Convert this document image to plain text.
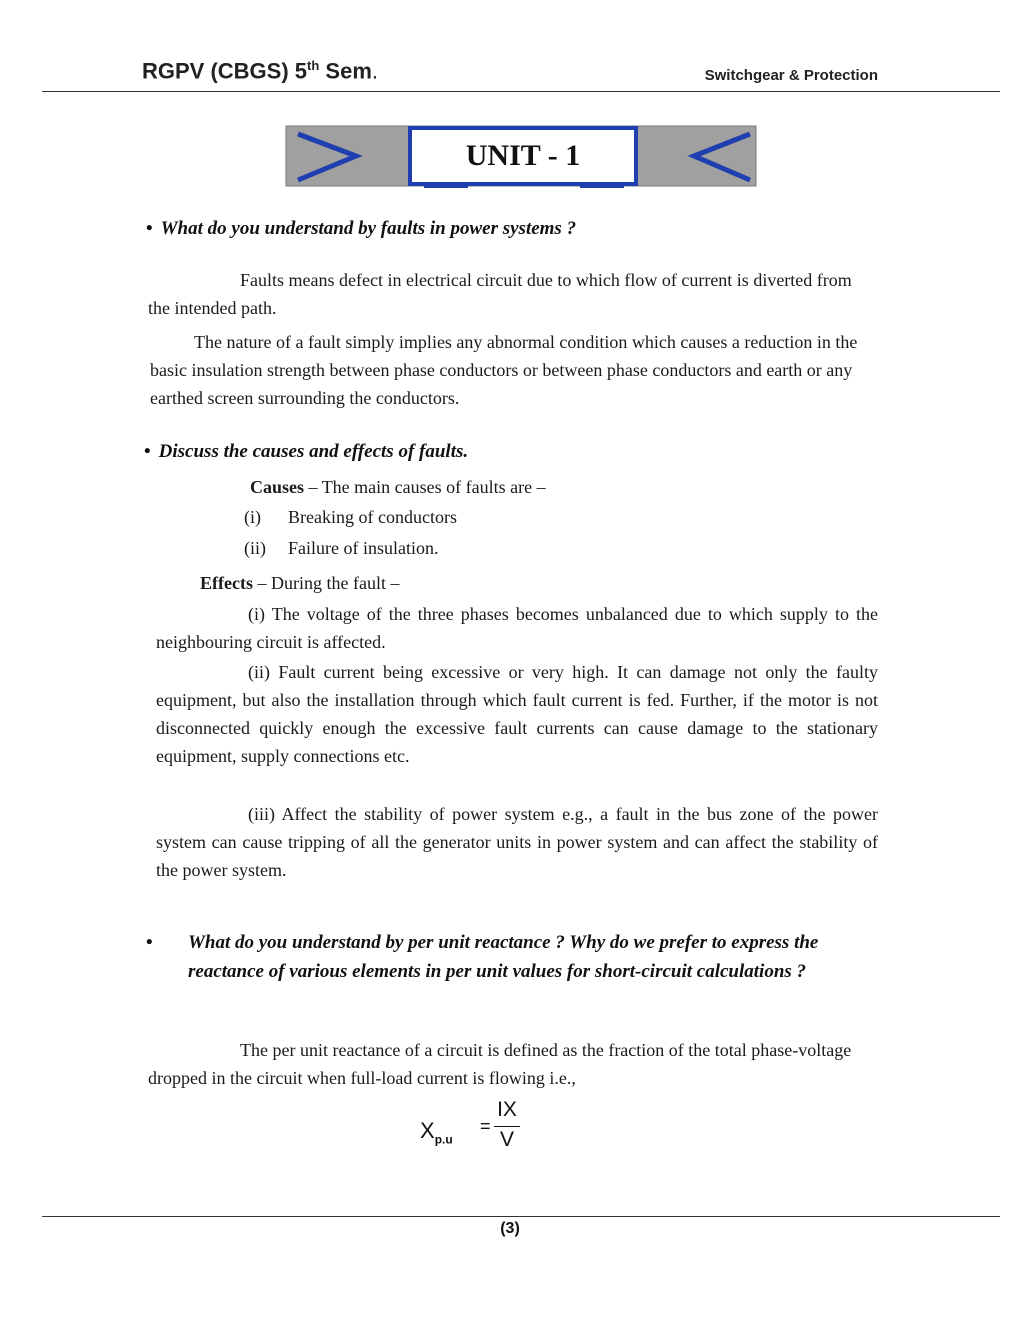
RGPV (CBGS) 5th Sem.	Switchgear & Protection
UNIT - 1
• What do you understand by faults in power systems ?
Faults means defect in electrical circuit due to which flow of current is diverted from the intended path.
The nature of a fault simply implies any abnormal condition which causes a reduction in the basic insulation strength between phase conductors or between phase conductors and earth or any earthed screen surrounding the conductors.
• Discuss the causes and effects of faults.
Causes – The main causes of faults are –
(i) Breaking of conductors
(ii) Failure of insulation.
Effects – During the fault –
(i) The voltage of the three phases becomes unbalanced due to which supply to the neighbouring circuit is affected.
(ii) Fault current being excessive or very high. It can damage not only the faulty equipment, but also the installation through which fault current is fed. Further, if the motor is not disconnected quickly enough the excessive fault currents can cause damage to the stationary equipment, supply connections etc.
(iii) Affect the stability of power system e.g., a fault in the bus zone of the power system can cause tripping of all the generator units in power system and can affect the stability of the power system.
• What do you understand by per unit reactance ? Why do we prefer to express the reactance of various elements in per unit values for short-circuit calculations ?
The per unit reactance of a circuit is defined as the fraction of the total phase-voltage dropped in the circuit when full-load current is flowing i.e.,
$X_{p.u}$
=
IX
V
(3)
